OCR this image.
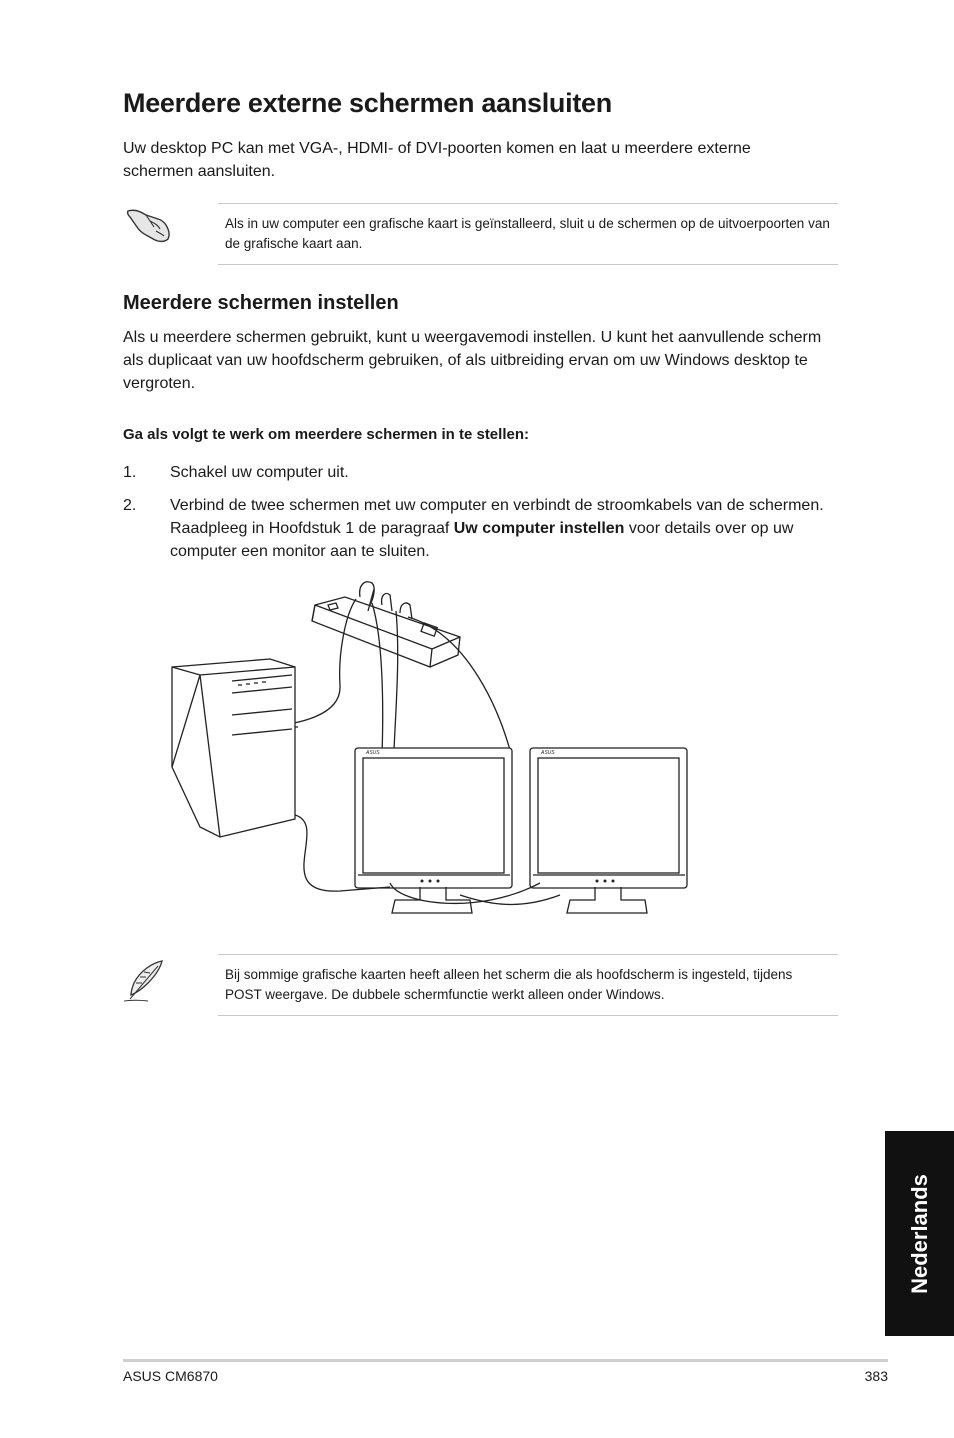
Meerdere externe schermen aansluiten
Uw desktop PC kan met VGA-, HDMI- of DVI-poorten komen en laat u meerdere externe schermen aansluiten.
Als in uw computer een grafische kaart is geïnstalleerd, sluit u de schermen op de uitvoerpoorten van de grafische kaart aan.
Meerdere schermen instellen
Als u meerdere schermen gebruikt, kunt u weergavemodi instellen. U kunt het aanvullende scherm als duplicaat van uw hoofdscherm gebruiken, of als uitbreiding ervan om uw Windows desktop te vergroten.
Ga als volgt te werk om meerdere schermen in te stellen:
1. Schakel uw computer uit.
2. Verbind de twee schermen met uw computer en verbindt de stroomkabels van de schermen. Raadpleeg in Hoofdstuk 1 de paragraaf Uw computer instellen voor details over op uw computer een monitor aan te sluiten.
ASUS	ASUS
Bij sommige grafische kaarten heeft alleen het scherm die als hoofdscherm is ingesteld, tijdens POST weergave. De dubbele schermfunctie werkt alleen onder Windows.
Nederlands
ASUS CM6870	383
